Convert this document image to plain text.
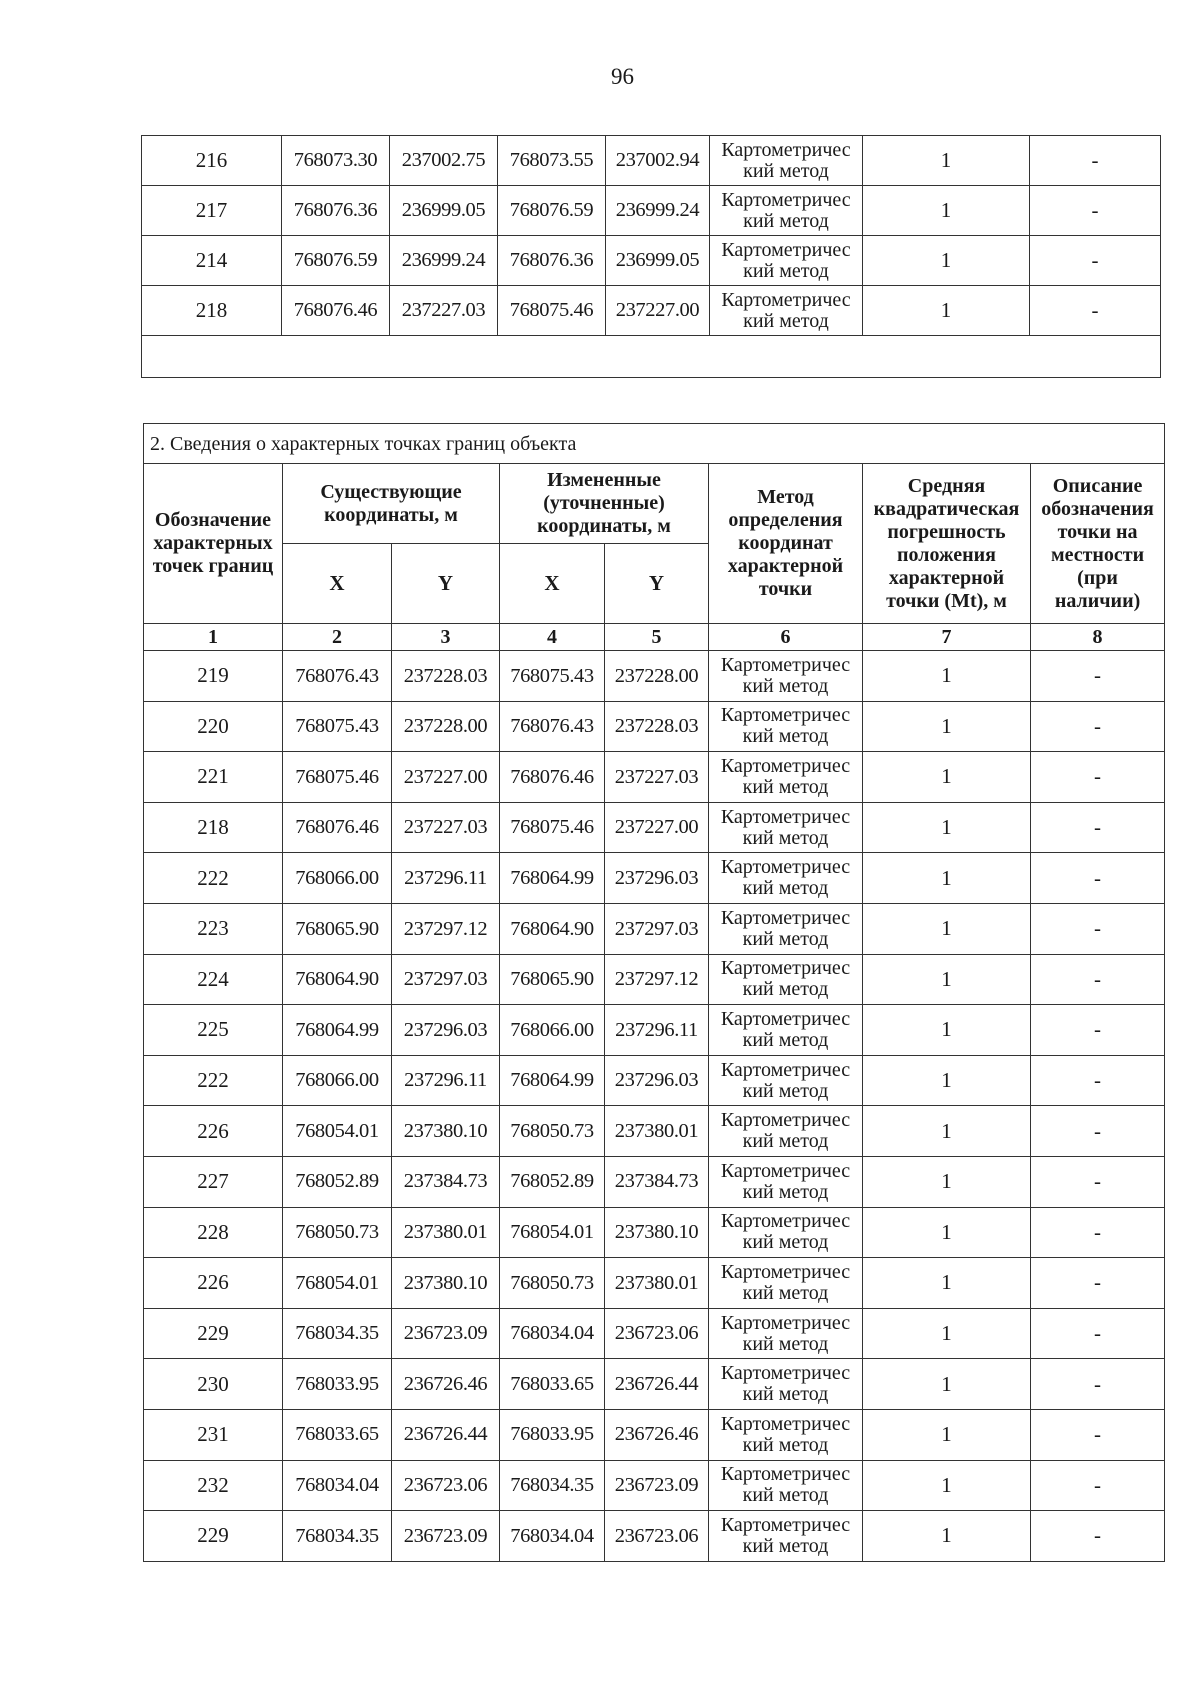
96
216	768073.30	237002.75	768073.55	237002.94	Картометричес кий метод	1	-
217	768076.36	236999.05	768076.59	236999.24	Картометричес кий метод	1	-
214	768076.59	236999.24	768076.36	236999.05	Картометричес кий метод	1	-
218	768076.46	237227.03	768075.46	237227.00	Картометричес кий метод	1	-

2. Сведения о характерных точках границ объекта							
Обозначение характерных точек границ	Существующие координаты, м		Измененные (уточненные) координаты, м		Метод определения координат характерной точки	Средняя квадратическая погрешность положения характерной точки (Mt), м	Описание обозначения точки на местности (при наличии)
	X	Y	X	Y			
1	2	3	4	5	6	7	8
219	768076.43	237228.03	768075.43	237228.00	Картометричес кий метод	1	-
220	768075.43	237228.00	768076.43	237228.03	Картометричес кий метод	1	-
221	768075.46	237227.00	768076.46	237227.03	Картометричес кий метод	1	-
218	768076.46	237227.03	768075.46	237227.00	Картометричес кий метод	1	-
222	768066.00	237296.11	768064.99	237296.03	Картометричес кий метод	1	-
223	768065.90	237297.12	768064.90	237297.03	Картометричес кий метод	1	-
224	768064.90	237297.03	768065.90	237297.12	Картометричес кий метод	1	-
225	768064.99	237296.03	768066.00	237296.11	Картометричес кий метод	1	-
222	768066.00	237296.11	768064.99	237296.03	Картометричес кий метод	1	-
226	768054.01	237380.10	768050.73	237380.01	Картометричес кий метод	1	-
227	768052.89	237384.73	768052.89	237384.73	Картометричес кий метод	1	-
228	768050.73	237380.01	768054.01	237380.10	Картометричес кий метод	1	-
226	768054.01	237380.10	768050.73	237380.01	Картометричес кий метод	1	-
229	768034.35	236723.09	768034.04	236723.06	Картометричес кий метод	1	-
230	768033.95	236726.46	768033.65	236726.44	Картометричес кий метод	1	-
231	768033.65	236726.44	768033.95	236726.46	Картометричес кий метод	1	-
232	768034.04	236723.06	768034.35	236723.09	Картометричес кий метод	1	-
229	768034.35	236723.09	768034.04	236723.06	Картометричес кий метод	1	-
